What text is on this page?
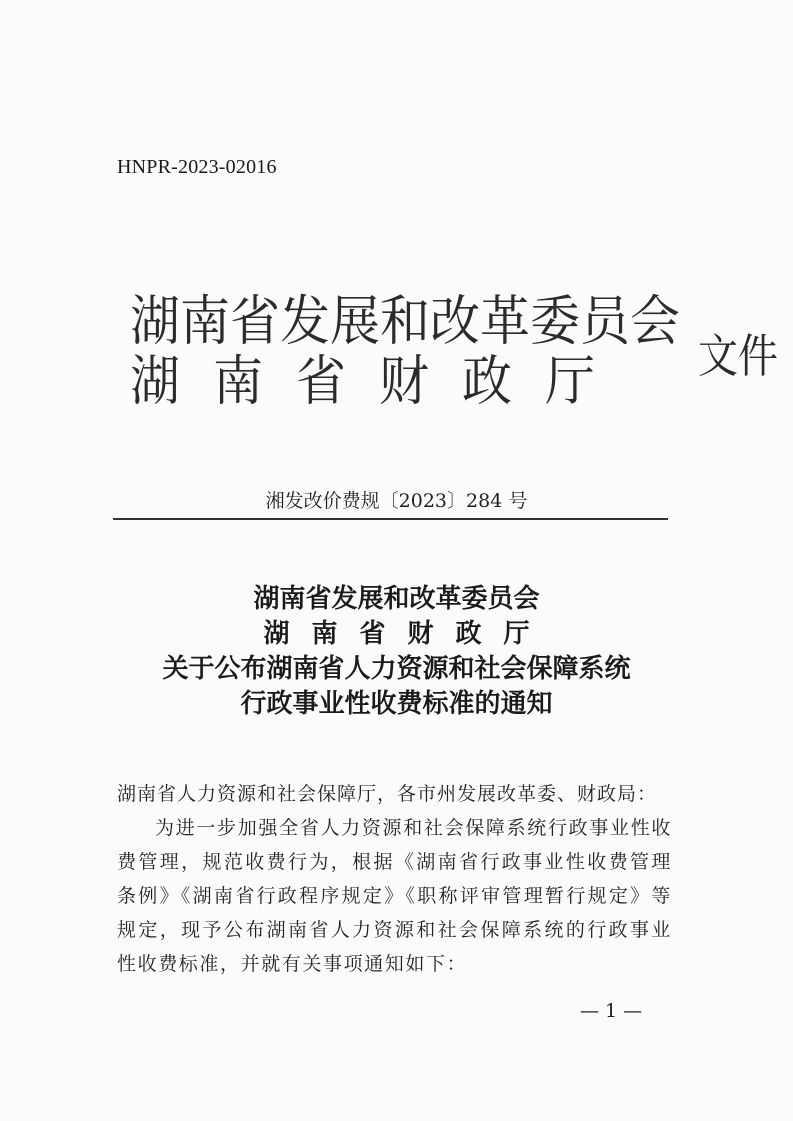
HNPR-2023-02016
湖南省发展和改革委员会
湖南省财政厅 文件
湘发改价费规〔2023〕284 号
湖南省发展和改革委员会
湖南省财政厅
关于公布湖南省人力资源和社会保障系统
行政事业性收费标准的通知

湖南省人力资源和社会保障厅，各市州发展改革委、财政局：

为进一步加强全省人力资源和社会保障系统行政事业性收费管理，规范收费行为，根据《湖南省行政事业性收费管理条例》《湖南省行政程序规定》《职称评审管理暂行规定》等规定，现予公布湖南省人力资源和社会保障系统的行政事业性收费标准，并就有关事项通知如下：

— 1 —
